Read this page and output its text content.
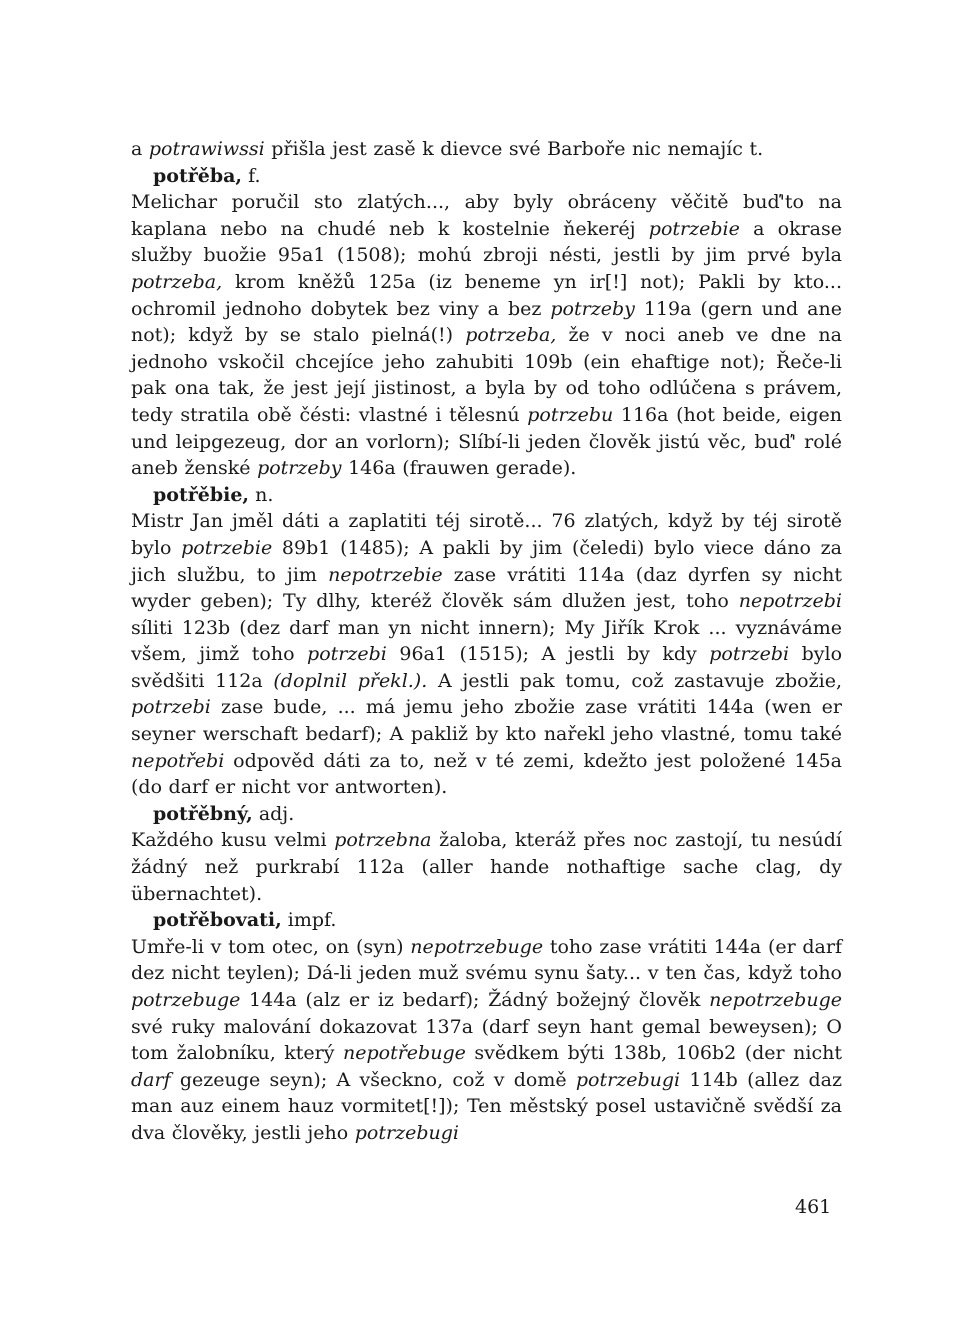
a potrawiwssi přišla jest zasě k dievce své Barboře nic nemajíc t.

potřěba, f.

Melichar poručil sto zlatých..., aby byly obráceny věčitě buď'to na kaplana nebo na chudé neb k kostelnie ňekeréj potrzebie a okrase služby buožie 95a1 (1508); mohú zbroji nésti, jestli by jim prvé byla potrzeba, krom kněžů 125a (iz beneme yn ir[!] not); Pakli by kto... ochromil jednoho dobytek bez viny a bez potrzeby 119a (gern und ane not); když by se stalo pielná(!) potrzeba, že v noci aneb ve dne na jednoho vskočil chcejíce jeho zahubiti 109b (ein ehaftige not); Řeče-li pak ona tak, že jest její jistinost, a byla by od toho odlúčena s právem, tedy stratila obě čésti: vlastné i tělesnú potrzebu 116a (hot beide, eigen und leipgezeug, dor an vorlorn); Slíbí-li jeden člověk jistú věc, buď' rolé aneb ženské potrzeby 146a (frauwen gerade).

potřěbie, n.

Mistr Jan jměl dáti a zaplatiti téj sirotě... 76 zlatých, když by téj sirotě bylo potrzebie 89b1 (1485); A pakli by jim (čeledi) bylo viece dáno za jich službu, to jim nepotrzebie zase vrátiti 114a (daz dyrfen sy nicht wyder geben); Ty dlhy, kteréž člověk sám dlužen jest, toho nepotrzebi síliti 123b (dez darf man yn nicht innern); My Jiřík Krok ... vyznáváme všem, jimž toho potrzebi 96a1 (1515); A jestli by kdy potrzebi bylo svědšiti 112a (doplnil překl.). A jestli pak tomu, což zastavuje zbožie, potrzebi zase bude, ... má jemu jeho zbožie zase vrátiti 144a (wen er seyner werschaft bedarf); A pakliž by kto nařekl jeho vlastné, tomu také nepotřebi odpověd dáti za to, než v té zemi, kdežto jest položené 145a (do darf er nicht vor antworten).

potřěbný, adj.

Každého kusu velmi potrzebna žaloba, kteráž přes noc zastojí, tu nesúdí žádný než purkrabí 112a (aller hande nothaftige sache clag, dy übernachtet).

potřěbovati, impf.

Umře-li v tom otec, on (syn) nepotrzebuge toho zase vrátiti 144a (er darf dez nicht teylen); Dá-li jeden muž svému synu šaty... v ten čas, když toho potrzebuge 144a (alz er iz bedarf); Žádný božejný člověk nepotrzebuge své ruky malování dokazovat 137a (darf seyn hant gemal beweysen); O tom žalobníku, který nepotřebuge svědkem býti 138b, 106b2 (der nicht darf gezeuge seyn); A všeckno, což v domě potrzebugi 114b (allez daz man auz einem hauz vormitet[!]); Ten městský posel ustavičně svědší za dva člověky, jestli jeho potrzebugi

461
